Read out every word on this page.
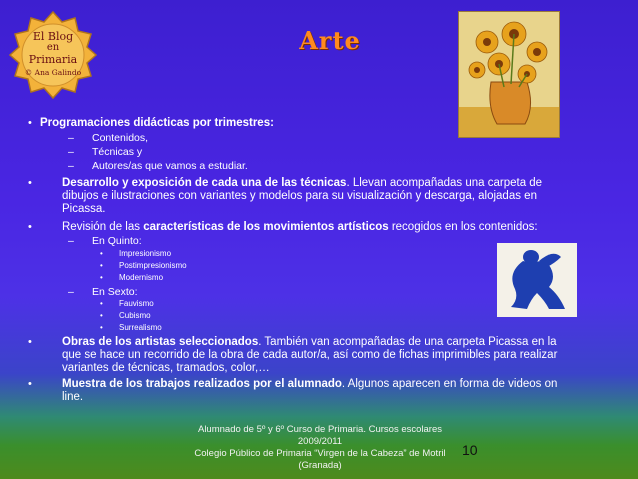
El Blog
en
Primaria
© Ana Galindo
Arte
• Programaciones didácticas por trimestres:
– Contenidos,
– Técnicas y
– Autores/as que vamos a estudiar.
•	Desarrollo y exposición de cada una de las técnicas. Llevan acompañadas una carpeta de
dibujos e ilustraciones con variantes y modelos para su visualización y descarga, alojadas en
Picassa.
•	Revisión de las características de los movimientos artísticos recogidos en los contenidos:
– En Quinto:
• Impresionismo
• Postimpresionismo
• Modernismo
– En Sexto:
• Fauvismo
• Cubismo
• Surrealismo
•	Obras de los artistas seleccionados. También van acompañadas de una carpeta Picassa en la
que se hace un recorrido de la obra de cada autor/a, así como de fichas imprimibles para realizar
variantes de técnicas, tramados, color,…
•	Muestra de los trabajos realizados por el alumnado. Algunos aparecen en forma de videos on
line.
Alumnado de 5º y 6º Curso de Primaria. Cursos escolares
2009/2011
Colegio Público de Primaria “Virgen de la Cabeza” de Motril
(Granada)
10
